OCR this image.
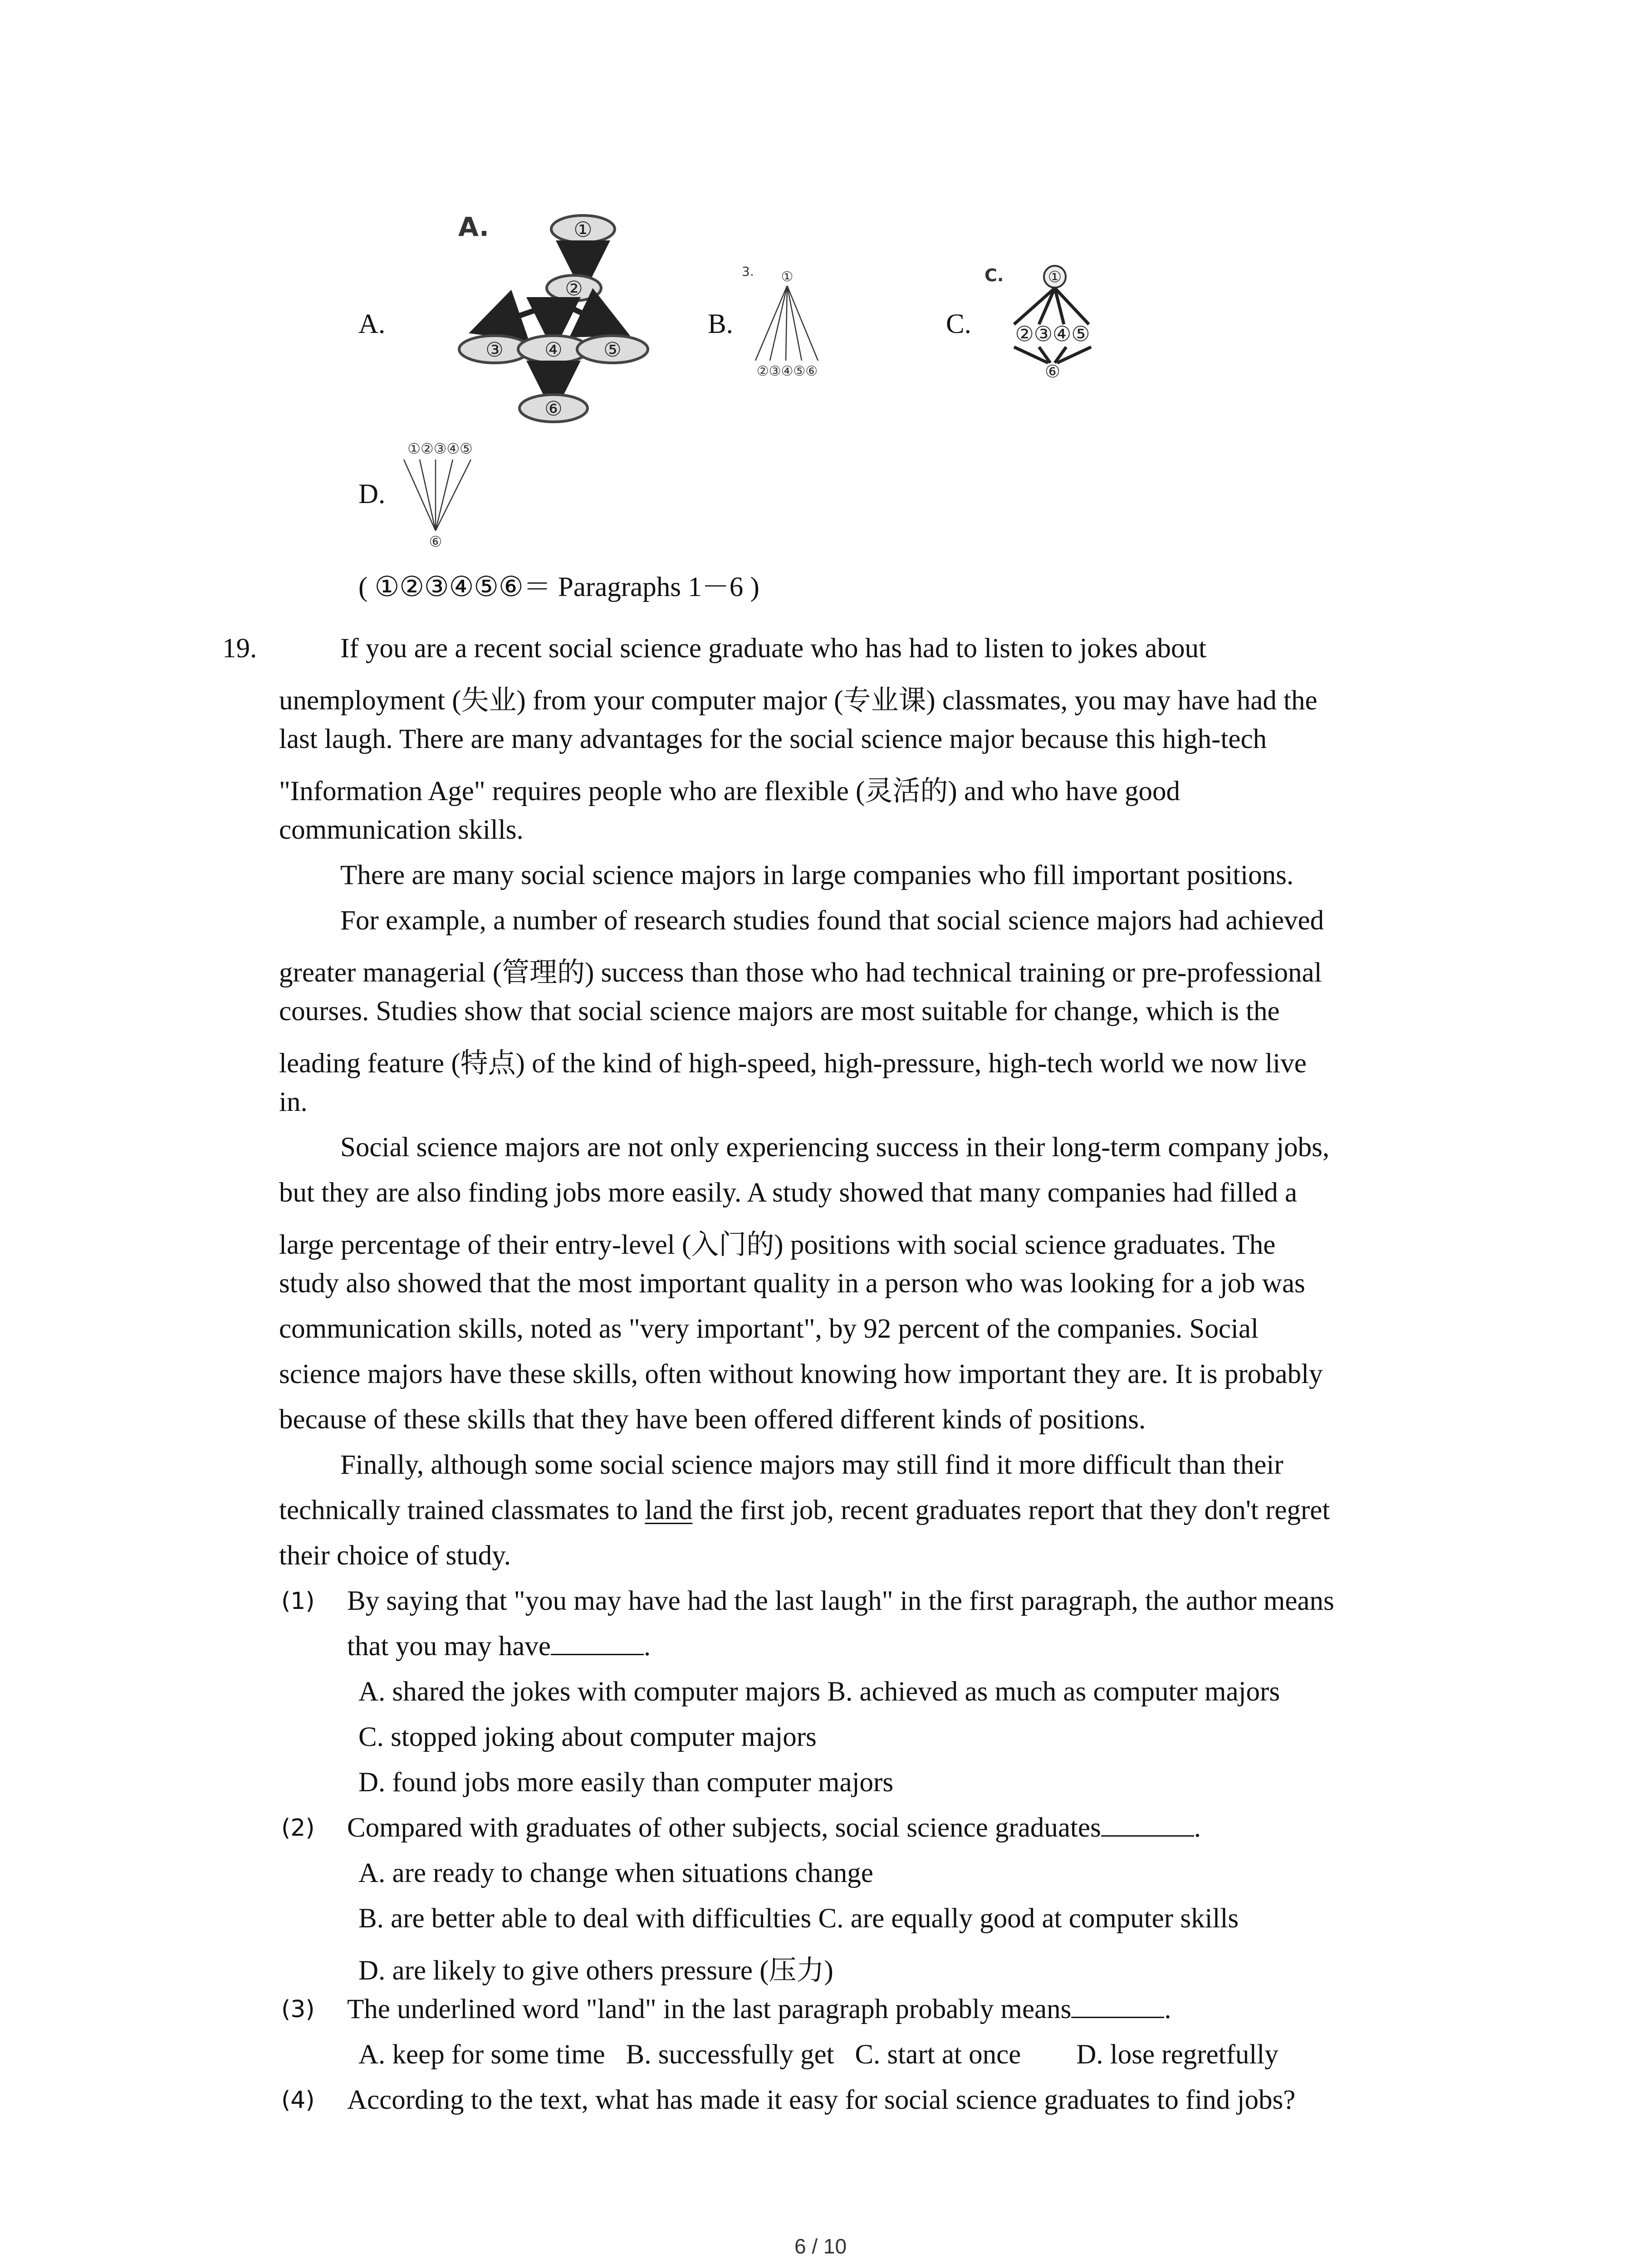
A.	B.	C.
D.
A.	①
②
③ ④ ⑤
⑥
3. ①
②③④⑤⑥
C.	①
②③④⑤
⑥
①②③④⑤
⑥
( ①②③④⑤⑥＝ Paragraphs 1－6 )
19.	If you are a recent social science graduate who has had to listen to jokes about
unemployment (失业) from your computer major (专业课) classmates, you may have had the
last laugh. There are many advantages for the social science major because this high-tech
"Information Age" requires people who are flexible (灵活的) and who have good
communication skills.
There are many social science majors in large companies who fill important positions.
For example, a number of research studies found that social science majors had achieved
greater managerial (管理的) success than those who had technical training or pre-professional
courses. Studies show that social science majors are most suitable for change, which is the
leading feature (特点) of the kind of high-speed, high-pressure, high-tech world we now live
in.
Social science majors are not only experiencing success in their long-term company jobs,
but they are also finding jobs more easily. A study showed that many companies had filled a
large percentage of their entry-level (入门的) positions with social science graduates. The
study also showed that the most important quality in a person who was looking for a job was
communication skills, noted as "very important", by 92 percent of the companies. Social
science majors have these skills, often without knowing how important they are. It is probably
because of these skills that they have been offered different kinds of positions.
Finally, although some social science majors may still find it more difficult than their
technically trained classmates to land the first job, recent graduates report that they don't regret
their choice of study.
(1) By saying that "you may have had the last laugh" in the first paragraph, the author means
that you may have	.
A. shared the jokes with computer majors B. achieved as much as computer majors
C. stopped joking about computer majors
D. found jobs more easily than computer majors
(2) Compared with graduates of other subjects, social science graduates	.
A. are ready to change when situations change
B. are better able to deal with difficulties C. are equally good at computer skills
D. are likely to give others pressure (压力)
(3) The underlined word "land" in the last paragraph probably means	.
A. keep for some time   B. successfully get   C. start at once        D. lose regretfully
(4) According to the text, what has made it easy for social science graduates to find jobs?
6 / 10
